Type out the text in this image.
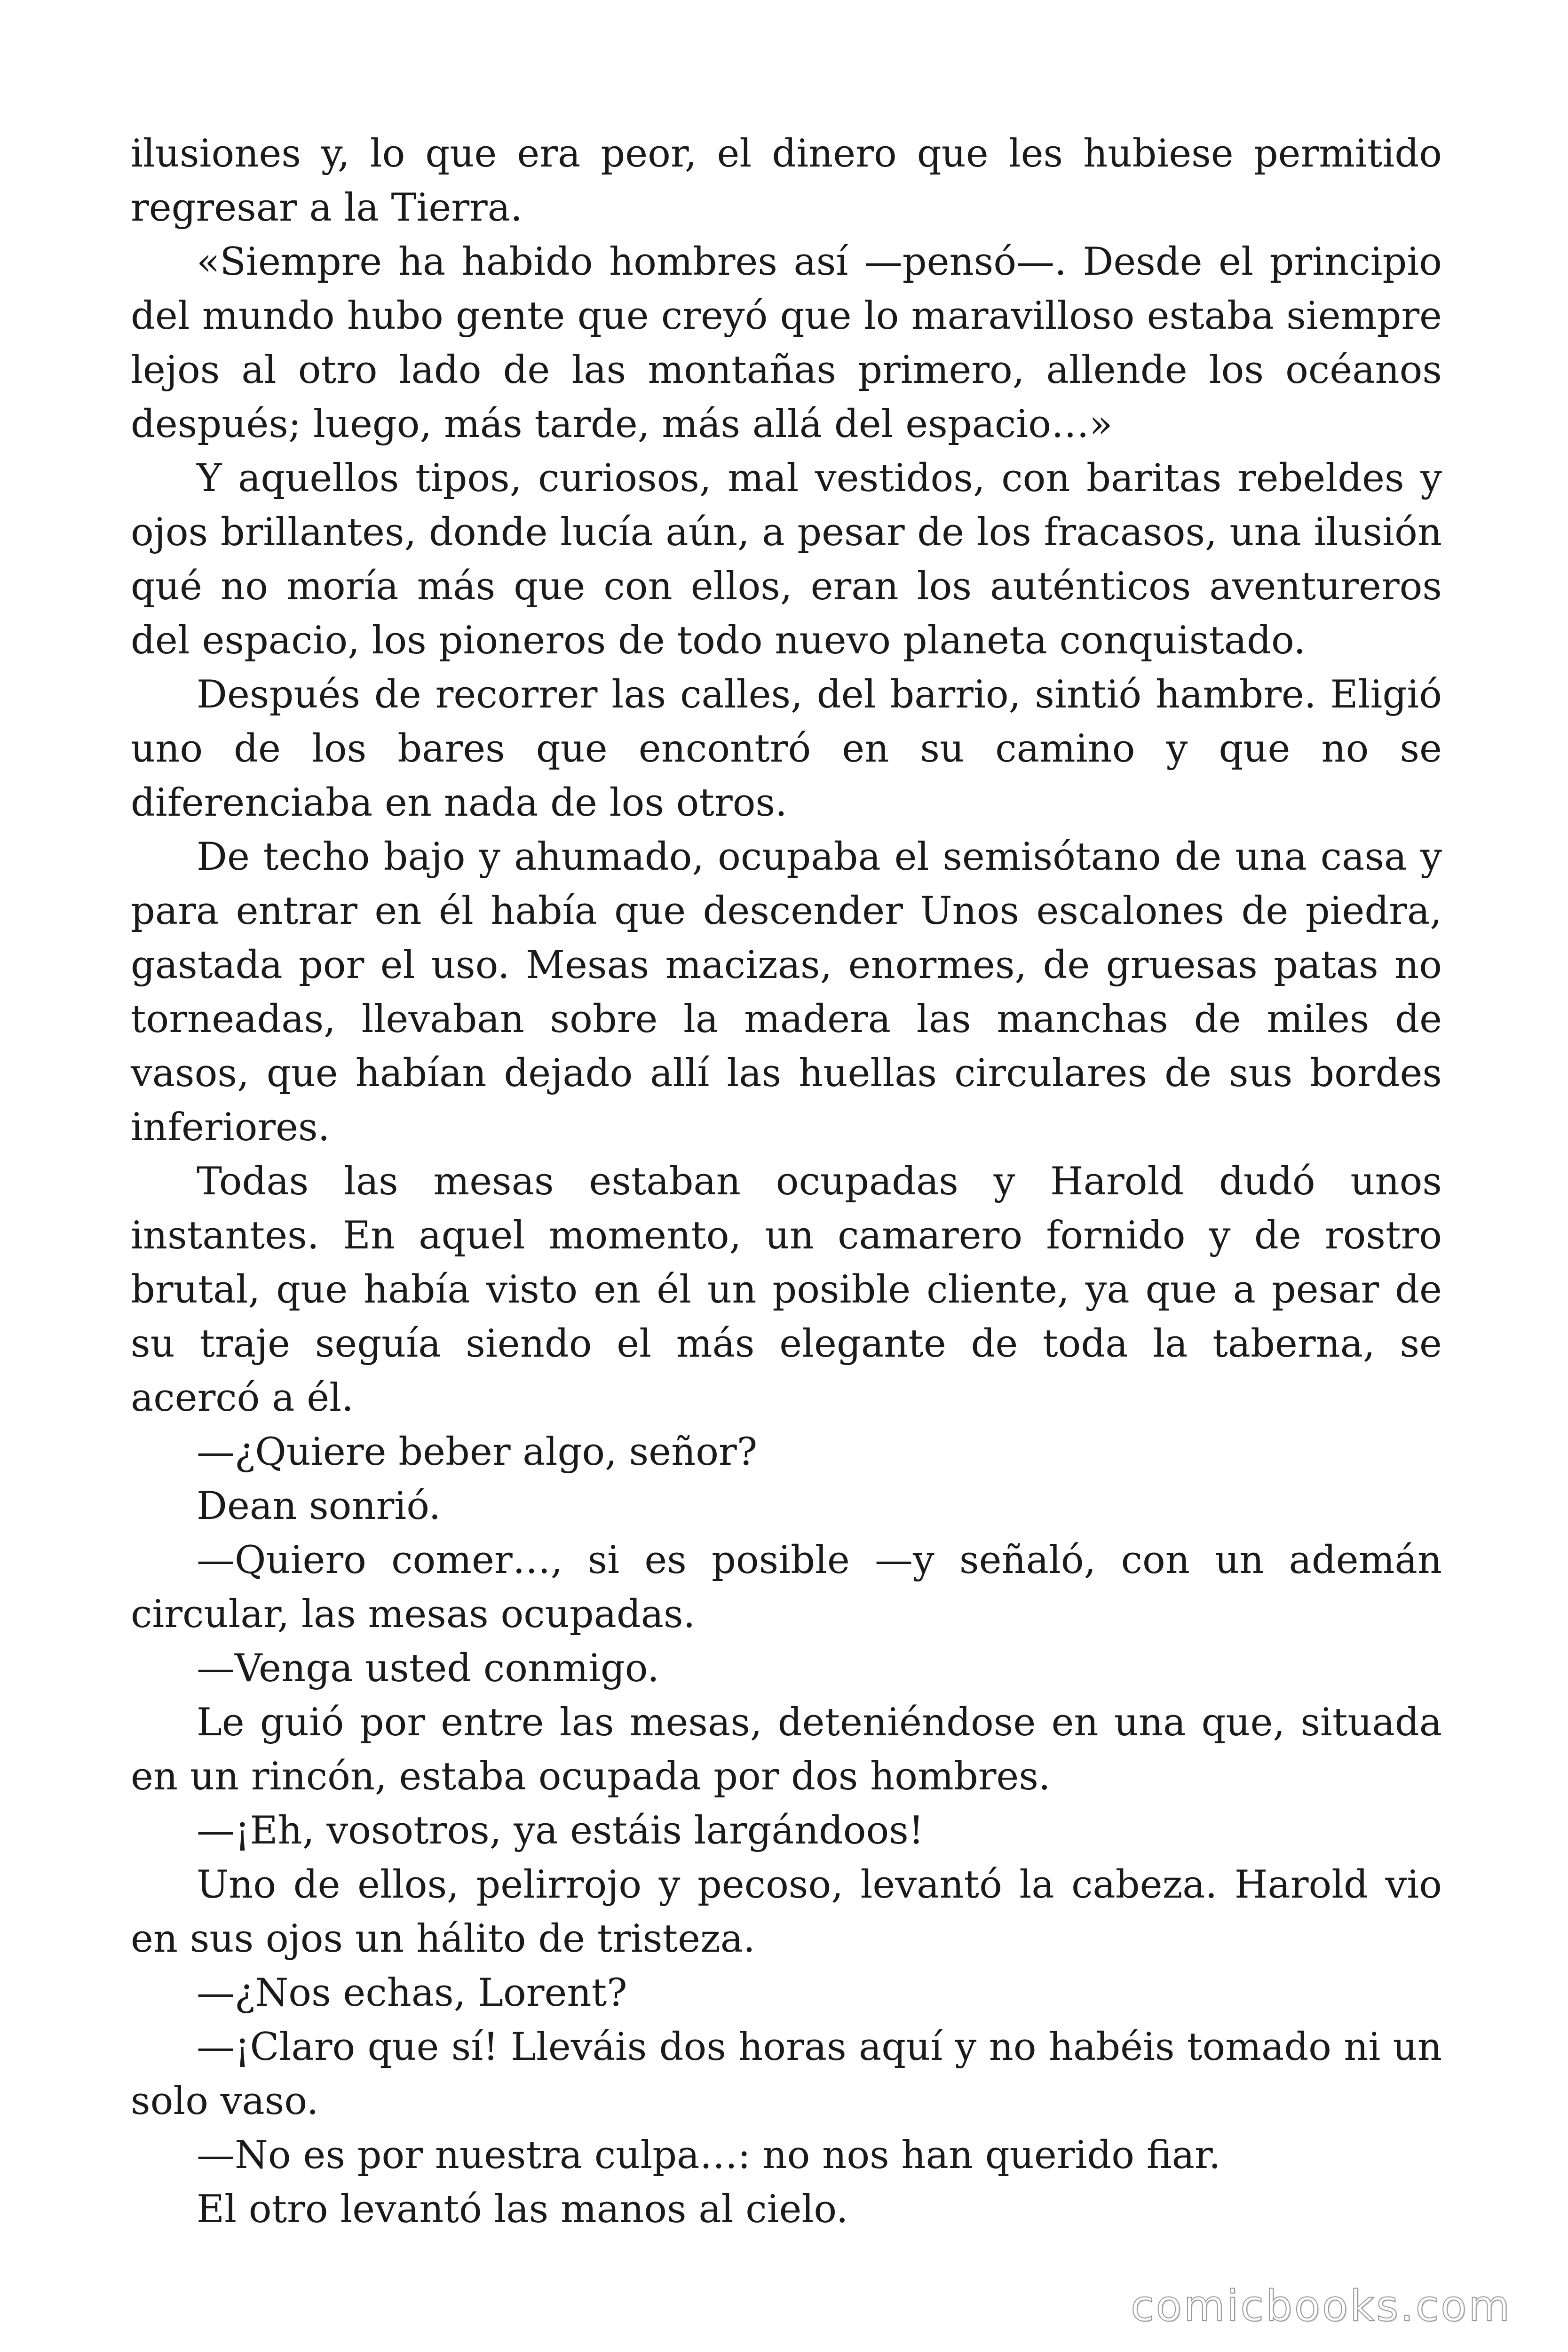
ilusiones y, lo que era peor, el dinero que les hubiese permitido regresar a la Tierra.

«Siempre ha habido hombres así —pensó—. Desde el principio del mundo hubo gente que creyó que lo maravilloso estaba siempre lejos al otro lado de las montañas primero, allende los océanos después; luego, más tarde, más allá del espacio…»

Y aquellos tipos, curiosos, mal vestidos, con baritas rebeldes y ojos brillantes, donde lucía aún, a pesar de los fracasos, una ilusión qué no moría más que con ellos, eran los auténticos aventureros del espacio, los pioneros de todo nuevo planeta conquistado.

Después de recorrer las calles, del barrio, sintió hambre. Eligió uno de los bares que encontró en su camino y que no se diferenciaba en nada de los otros.

De techo bajo y ahumado, ocupaba el semisótano de una casa y para entrar en él había que descender Unos escalones de piedra, gastada por el uso. Mesas macizas, enormes, de gruesas patas no torneadas, llevaban sobre la madera las manchas de miles de vasos, que habían dejado allí las huellas circulares de sus bordes inferiores.

Todas las mesas estaban ocupadas y Harold dudó unos instantes. En aquel momento, un camarero fornido y de rostro brutal, que había visto en él un posible cliente, ya que a pesar de su traje seguía siendo el más elegante de toda la taberna, se acercó a él.

—¿Quiere beber algo, señor?

Dean sonrió.

—Quiero comer…, si es posible —y señaló, con un ademán circular, las mesas ocupadas.

—Venga usted conmigo.

Le guió por entre las mesas, deteniéndose en una que, situada en un rincón, estaba ocupada por dos hombres.

—¡Eh, vosotros, ya estáis largándoos!

Uno de ellos, pelirrojo y pecoso, levantó la cabeza. Harold vio en sus ojos un hálito de tristeza.

—¿Nos echas, Lorent?

—¡Claro que sí! Lleváis dos horas aquí y no habéis tomado ni un solo vaso.

—No es por nuestra culpa…: no nos han querido fiar.

El otro levantó las manos al cielo.

comicbooks.com
